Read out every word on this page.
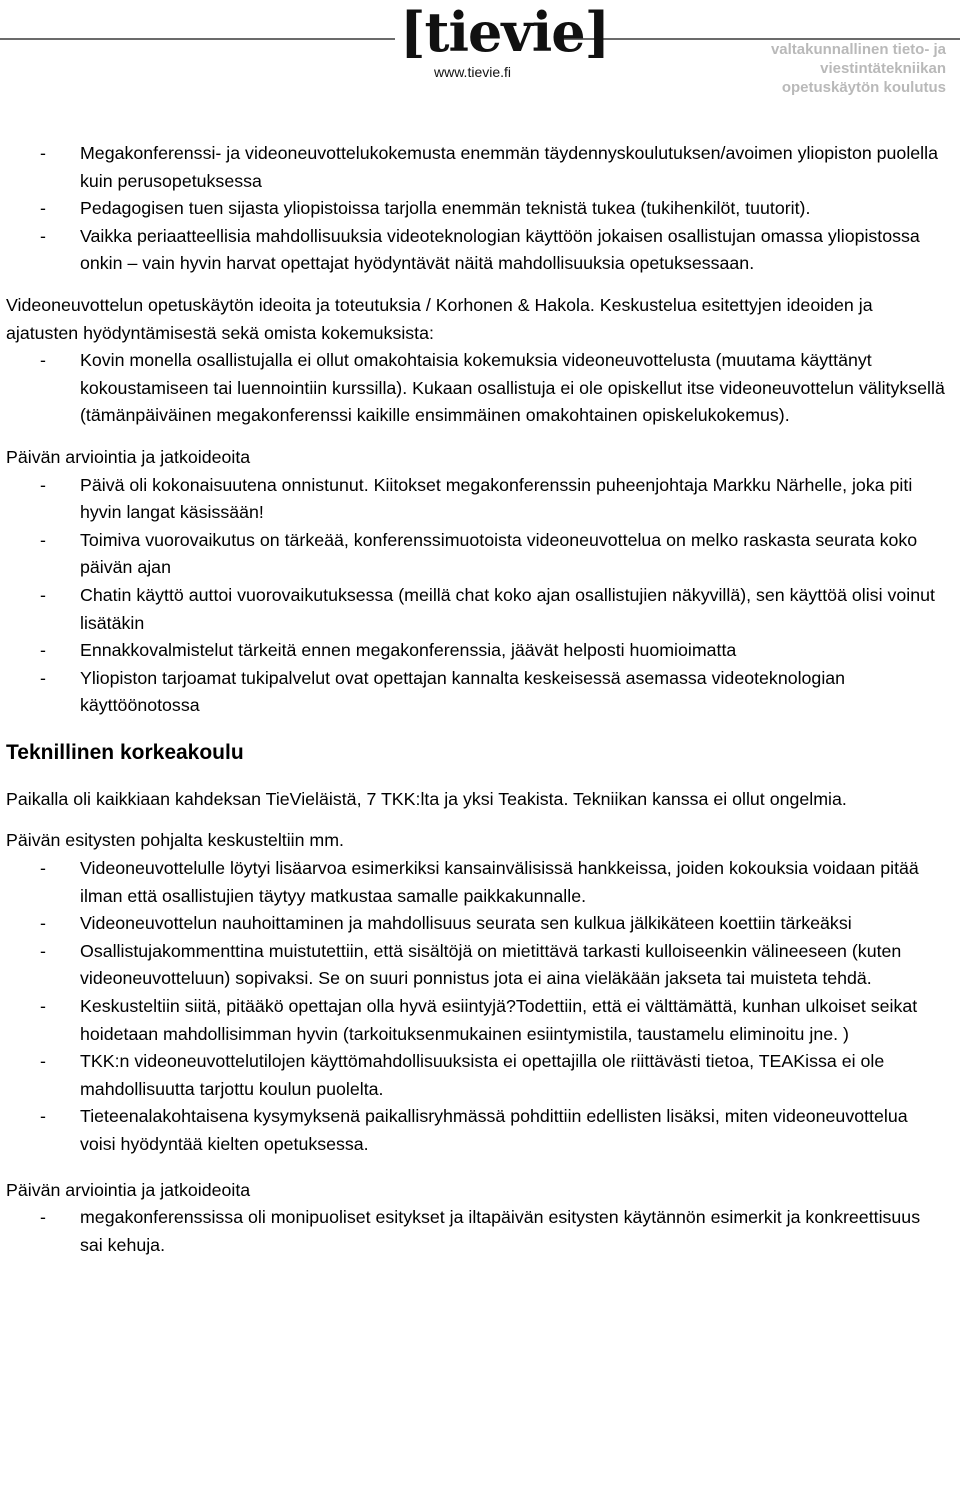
[tievie]
www.tievie.fi
valtakunnallinen tieto- ja
viestintätekniikan
opetuskäytön koulutus
- Megakonferenssi- ja videoneuvottelukokemusta enemmän täydennyskoulutuksen/avoimen yliopiston puolella kuin perusopetuksessa
- Pedagogisen tuen sijasta yliopistoissa tarjolla enemmän teknistä tukea (tukihenkilöt, tuutorit).
- Vaikka periaatteellisia mahdollisuuksia videoteknologian käyttöön jokaisen osallistujan omassa yliopistossa onkin – vain hyvin harvat opettajat hyödyntävät näitä mahdollisuuksia opetuksessaan.

Videoneuvottelun opetuskäytön ideoita ja toteutuksia / Korhonen & Hakola. Keskustelua esitettyjen ideoiden ja ajatusten hyödyntämisestä sekä omista kokemuksista:

- Kovin monella osallistujalla ei ollut omakohtaisia kokemuksia videoneuvottelusta (muutama käyttänyt kokoustamiseen tai luennointiin kurssilla). Kukaan osallistuja ei ole opiskellut itse videoneuvottelun välityksellä (tämänpäiväinen megakonferenssi kaikille ensimmäinen omakohtainen opiskelukokemus).

Päivän arviointia ja jatkoideoita

- Päivä oli kokonaisuutena onnistunut. Kiitokset megakonferenssin puheenjohtaja Markku Närhelle, joka piti hyvin langat käsissään!
- Toimiva vuorovaikutus on tärkeää, konferenssimuotoista videoneuvottelua on melko raskasta seurata koko päivän ajan
- Chatin käyttö auttoi vuorovaikutuksessa (meillä chat koko ajan osallistujien näkyvillä), sen käyttöä olisi voinut lisätäkin
- Ennakkovalmistelut tärkeitä ennen megakonferenssia, jäävät helposti huomioimatta
- Yliopiston tarjoamat tukipalvelut ovat opettajan kannalta keskeisessä asemassa videoteknologian käyttöönotossa
Teknillinen korkeakoulu

Paikalla oli kaikkiaan kahdeksan TieVieläistä, 7 TKK:lta ja yksi Teakista. Tekniikan kanssa ei ollut ongelmia.

Päivän esitysten pohjalta keskusteltiin mm.

- Videoneuvottelulle löytyi lisäarvoa esimerkiksi kansainvälisissä hankkeissa, joiden kokouksia voidaan pitää ilman että osallistujien täytyy matkustaa samalle paikkakunnalle.
- Videoneuvottelun nauhoittaminen ja mahdollisuus seurata sen kulkua jälkikäteen koettiin tärkeäksi
- Osallistujakommenttina muistutettiin, että sisältöjä on mietittävä tarkasti kulloiseenkin välineeseen (kuten videoneuvotteluun) sopivaksi. Se on suuri ponnistus jota ei aina vieläkään jakseta tai muisteta tehdä.
- Keskusteltiin siitä, pitääkö opettajan olla hyvä esiintyjä?Todettiin, että ei välttämättä, kunhan ulkoiset seikat hoidetaan mahdollisimman hyvin (tarkoituksenmukainen esiintymistila, taustamelu eliminoitu jne. )
- TKK:n videoneuvottelutilojen käyttömahdollisuuksista ei opettajilla ole riittävästi tietoa, TEAKissa ei ole mahdollisuutta tarjottu koulun puolelta.
- Tieteenalakohtaisena kysymyksenä paikallisryhmässä pohdittiin edellisten lisäksi, miten videoneuvottelua voisi hyödyntää kielten opetuksessa.

Päivän arviointia ja jatkoideoita

- megakonferenssissa oli monipuoliset esitykset ja iltapäivän esitysten käytännön esimerkit ja konkreettisuus sai kehuja.
